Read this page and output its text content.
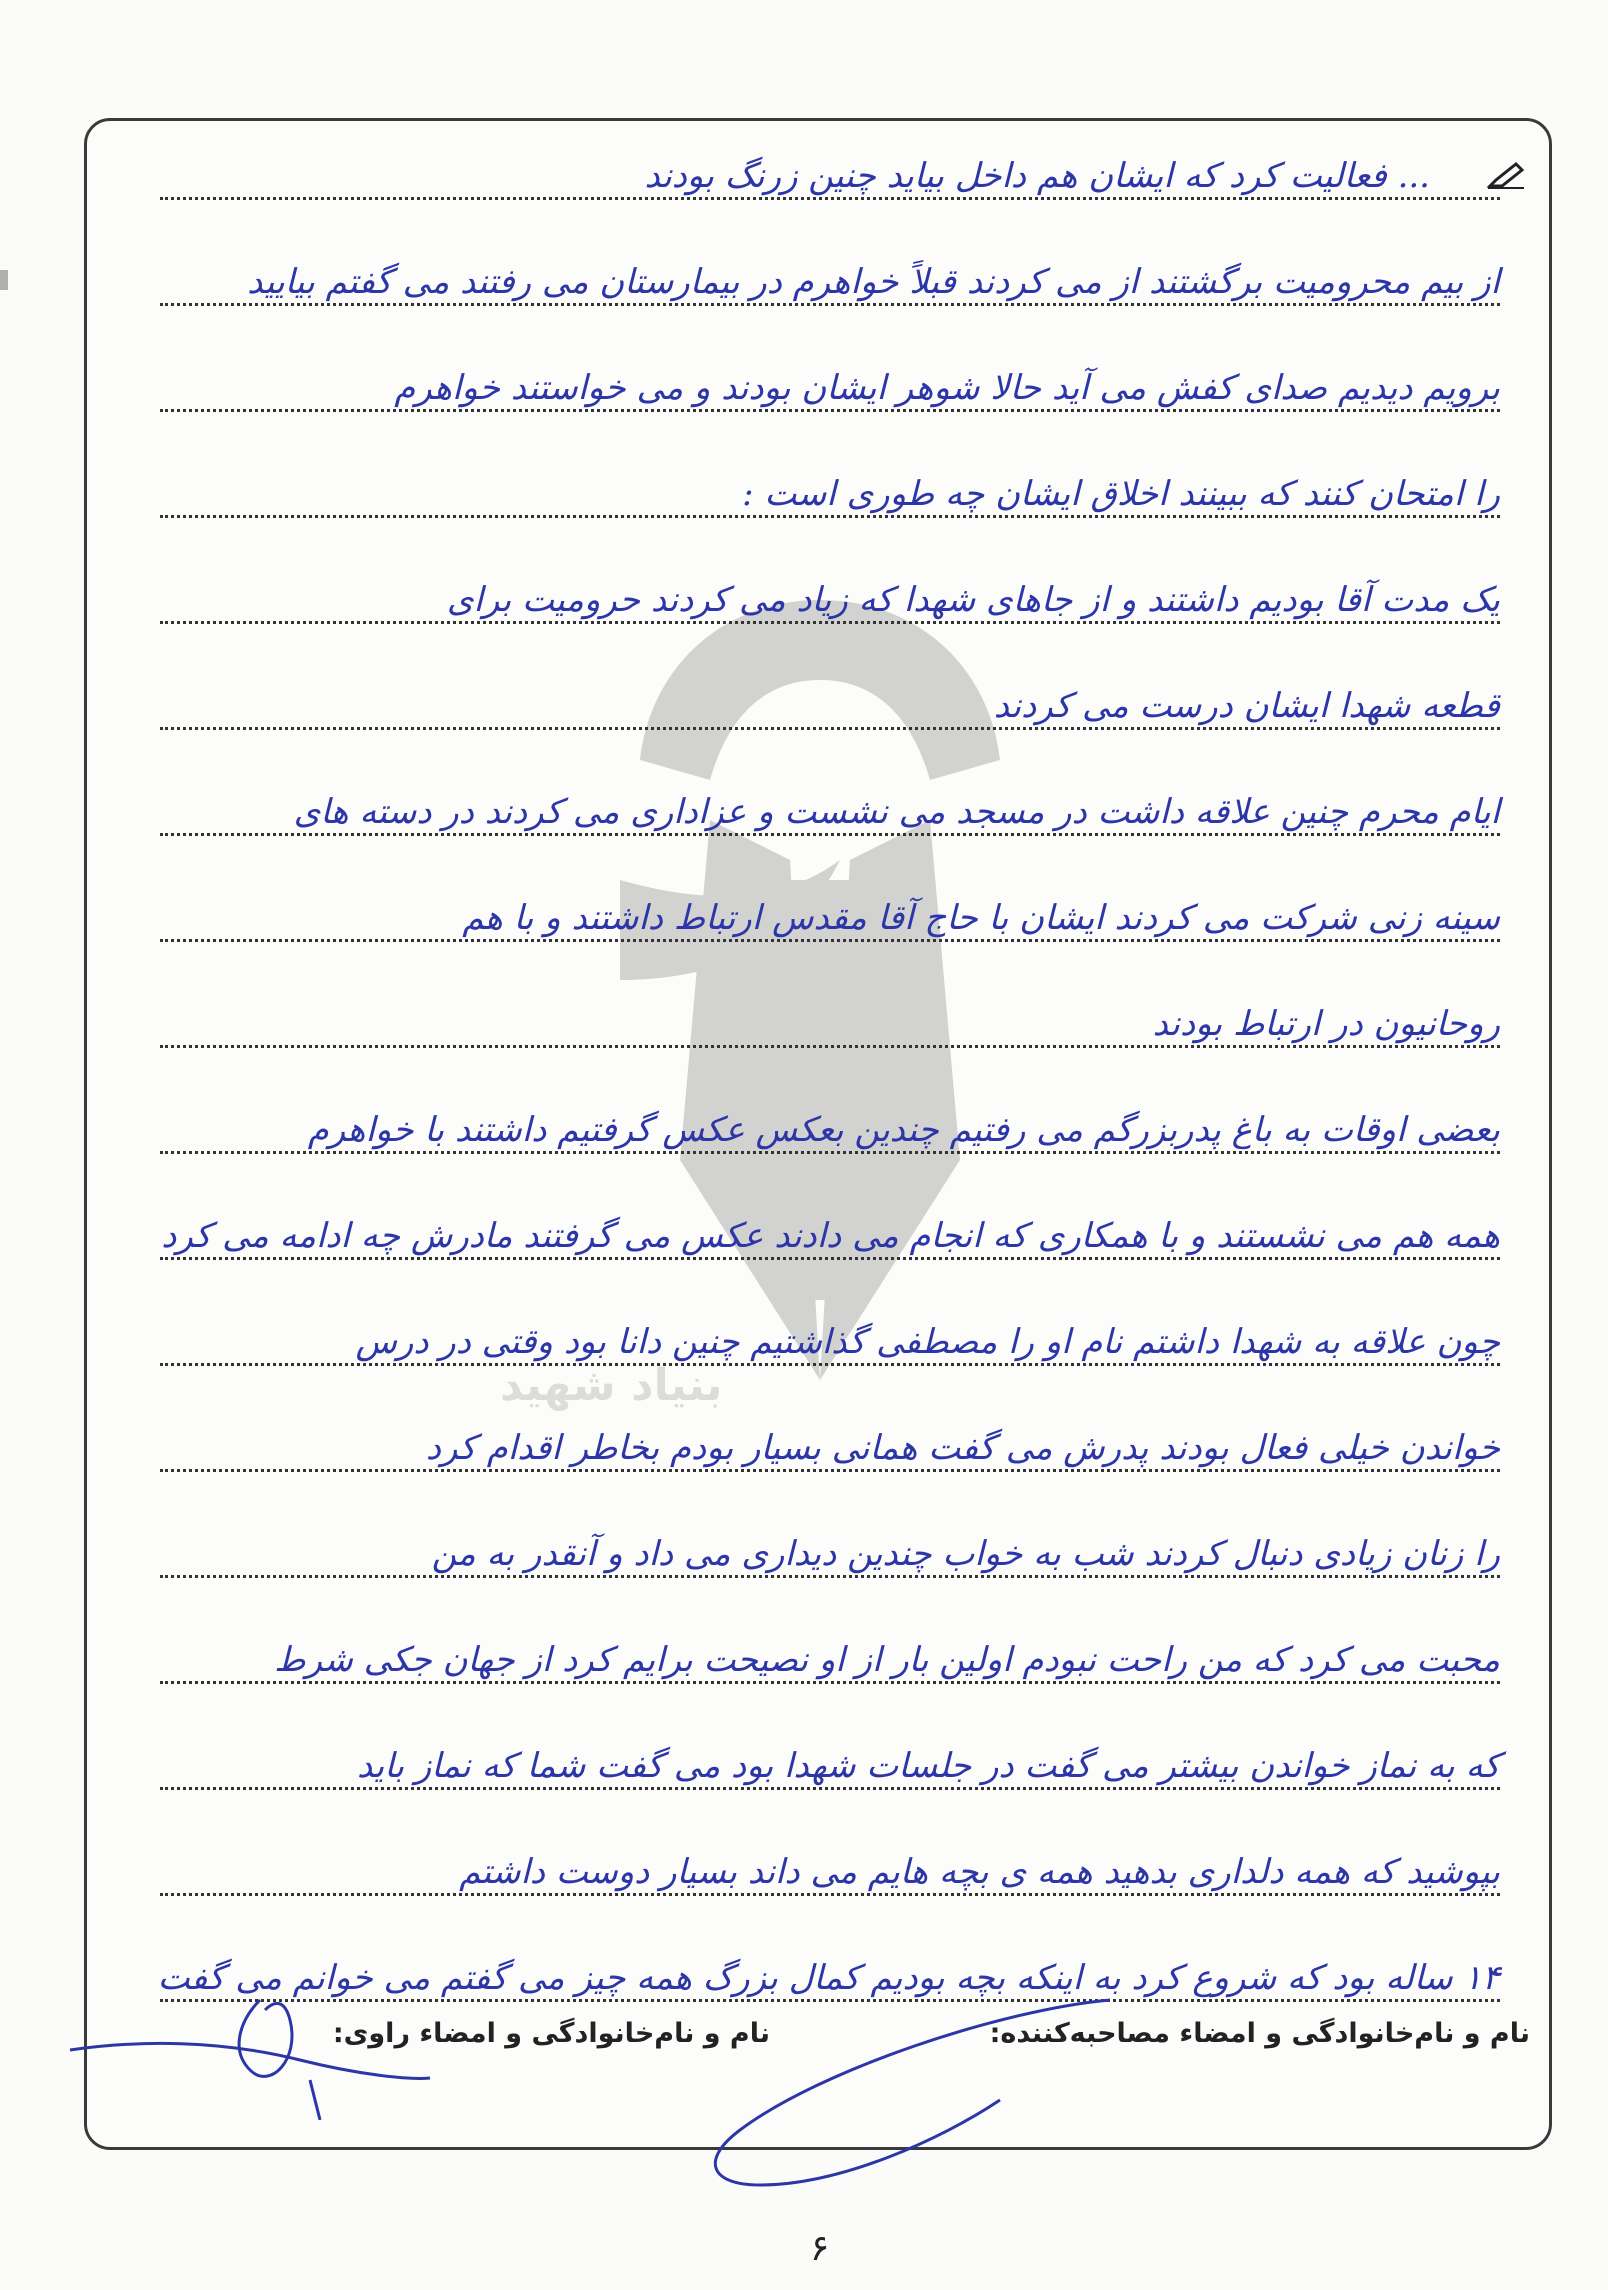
بنیاد شهید
... فعالیت کرد که ایشان هم داخل بیاید چنین زرنگ بودند
از بیم محرومیت برگشتند از می کردند قبلاً خواهرم در بیمارستان می رفتند می گفتم بیایید
برویم دیدیم صدای کفش می آید حالا شوهر ایشان بودند و می خواستند خواهرم
را امتحان کنند که ببینند اخلاق ایشان چه طوری است :
یک مدت آقا بودیم داشتند و از جاهای شهدا که زیاد می کردند حرومیت برای
قطعه شهدا ایشان درست می کردند
ایام محرم چنین علاقه داشت در مسجد می نشست و عزاداری می کردند در دسته های
سینه زنی شرکت می کردند ایشان با حاج آقا مقدس ارتباط داشتند و با هم
روحانیون در ارتباط بودند
بعضی اوقات به باغ پدربزرگم می رفتیم چندین بعکس عکس گرفتیم داشتند با خواهرم
همه هم می نشستند و با همکاری که انجام می دادند عکس می گرفتند مادرش چه ادامه می کرد
چون علاقه به شهدا داشتم نام او را مصطفی گذاشتیم چنین دانا بود وقتی در درس
خواندن خیلی فعال بودند پدرش می گفت همانی بسیار بودم بخاطر اقدام کرد
را زنان زیادی دنبال کردند شب به خواب چندین دیداری می داد و آنقدر به من
محبت می کرد که من راحت نبودم اولین بار از او نصیحت برایم کرد از جهان جکی شرط
که به نماز خواندن بیشتر می گفت در جلسات شهدا بود می گفت شما که نماز باید
بپوشید که همه دلداری بدهید همه ی بچه هایم می داند بسیار دوست داشتم
۱۴ ساله بود که شروع کرد به اینکه بچه بودیم کمال بزرگ همه چیز می گفتم می خوانم می گفت
نام و نام‌خانوادگی و امضاء مصاحبه‌کننده:
نام و نام‌خانوادگی و امضاء راوی:
۶
